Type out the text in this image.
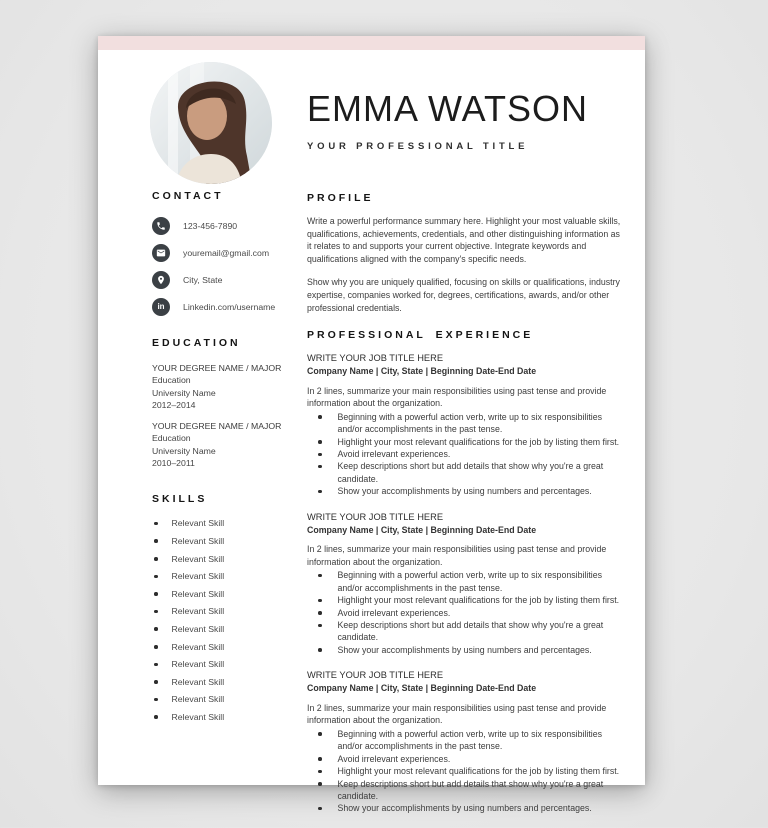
EMMA WATSON
YOUR PROFESSIONAL TITLE
CONTACT
123-456-7890
youremail@gmail.com
City, State
in Linkedin.com/username
EDUCATION
YOUR DEGREE NAME / MAJOR
Education
University Name
2012–2014
YOUR DEGREE NAME / MAJOR
Education
University Name
2010–2011
SKILLS
Relevant Skill
Relevant Skill
Relevant Skill
Relevant Skill
Relevant Skill
Relevant Skill
Relevant Skill
Relevant Skill
Relevant Skill
Relevant Skill
Relevant Skill
Relevant Skill
PROFILE
Write a powerful performance summary here. Highlight your most valuable skills, qualifications, achievements, credentials, and other distinguishing information as it relates to and supports your current objective. Integrate keywords and qualifications aligned with the company's specific needs.
Show why you are uniquely qualified, focusing on skills or qualifications, industry expertise, companies worked for, degrees, certifications, awards, and/or other professional credentials.
PROFESSIONAL EXPERIENCE
WRITE YOUR JOB TITLE HERE
Company Name | City, State | Beginning Date-End Date
In 2 lines, summarize your main responsibilities using past tense and provide information about the organization.
Beginning with a powerful action verb, write up to six responsibilities and/or accomplishments in the past tense.
Highlight your most relevant qualifications for the job by listing them first.
Avoid irrelevant experiences.
Keep descriptions short but add details that show why you're a great candidate.
Show your accomplishments by using numbers and percentages.
WRITE YOUR JOB TITLE HERE
Company Name | City, State | Beginning Date-End Date
In 2 lines, summarize your main responsibilities using past tense and provide information about the organization.
Beginning with a powerful action verb, write up to six responsibilities and/or accomplishments in the past tense.
Highlight your most relevant qualifications for the job by listing them first.
Avoid irrelevant experiences.
Keep descriptions short but add details that show why you're a great candidate.
Show your accomplishments by using numbers and percentages.
WRITE YOUR JOB TITLE HERE
Company Name | City, State | Beginning Date-End Date
In 2 lines, summarize your main responsibilities using past tense and provide information about the organization.
Beginning with a powerful action verb, write up to six responsibilities and/or accomplishments in the past tense.
Avoid irrelevant experiences.
Highlight your most relevant qualifications for the job by listing them first.
Keep descriptions short but add details that show why you're a great candidate.
Show your accomplishments by using numbers and percentages.
